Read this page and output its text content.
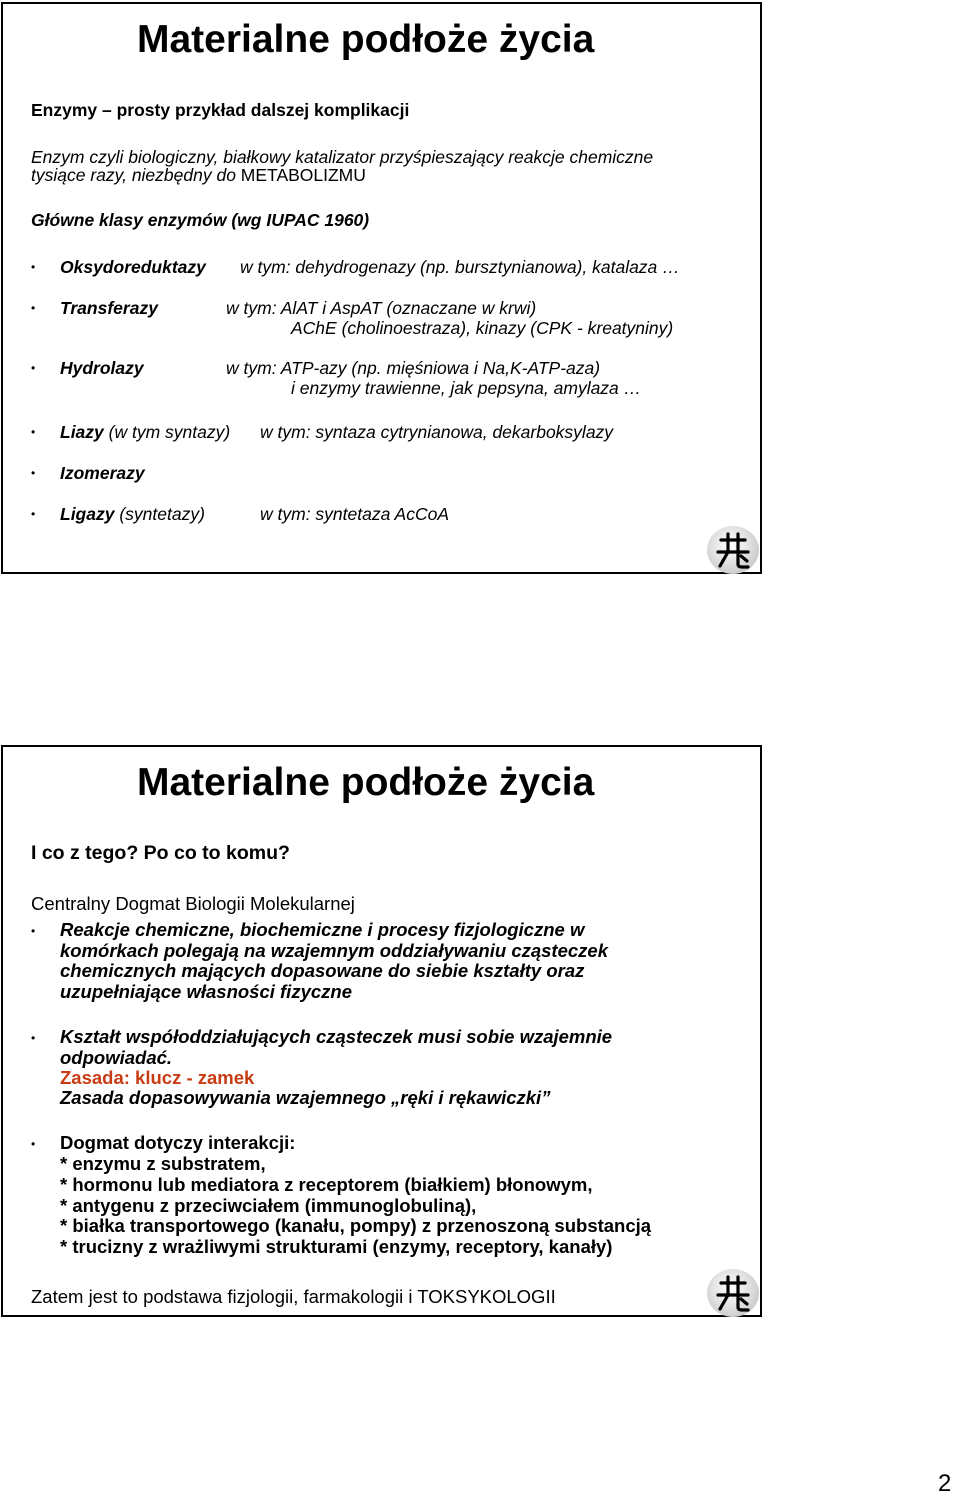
Materialne podłoże życia
Enzymy – prosty przykład dalszej komplikacji
Enzym czyli biologiczny, białkowy katalizator przyśpieszający reakcje chemiczne
tysiące razy, niezbędny do METABOLIZMU
Główne klasy enzymów (wg IUPAC 1960)
• Oksydoreduktazy w tym: dehydrogenazy (np. bursztynianowa), katalaza …
• Transferazy	w tym: AlAT i AspAT (oznaczane w krwi)
AChE (cholinoestraza), kinazy (CPK - kreatyniny)
• Hydrolazy	w tym: ATP-azy (np. mięśniowa i Na,K-ATP-aza)
i enzymy trawienne, jak pepsyna, amylaza …
• Liazy (w tym syntazy) w tym: syntaza cytrynianowa, dekarboksylazy
• Izomerazy
• Ligazy (syntetazy)	w tym: syntetaza AcCoA
Materialne podłoże życia
I co z tego? Po co to komu?
Centralny Dogmat Biologii Molekularnej
• Reakcje chemiczne, biochemiczne i procesy fizjologiczne w
komórkach polegają na wzajemnym oddziaływaniu cząsteczek
chemicznych mających dopasowane do siebie kształty oraz
uzupełniające własności fizyczne
• Kształt współoddziałujących cząsteczek musi sobie wzajemnie
odpowiadać.
Zasada: klucz - zamek
Zasada dopasowywania wzajemnego „ręki i rękawiczki”
• Dogmat dotyczy interakcji:
* enzymu z substratem,
* hormonu lub mediatora z receptorem (białkiem) błonowym,
* antygenu z przeciwciałem (immunoglobuliną),
* białka transportowego (kanału, pompy) z przenoszoną substancją
* trucizny z wrażliwymi strukturami (enzymy, receptory, kanały)
Zatem jest to podstawa fizjologii, farmakologii i TOKSYKOLOGII
2
